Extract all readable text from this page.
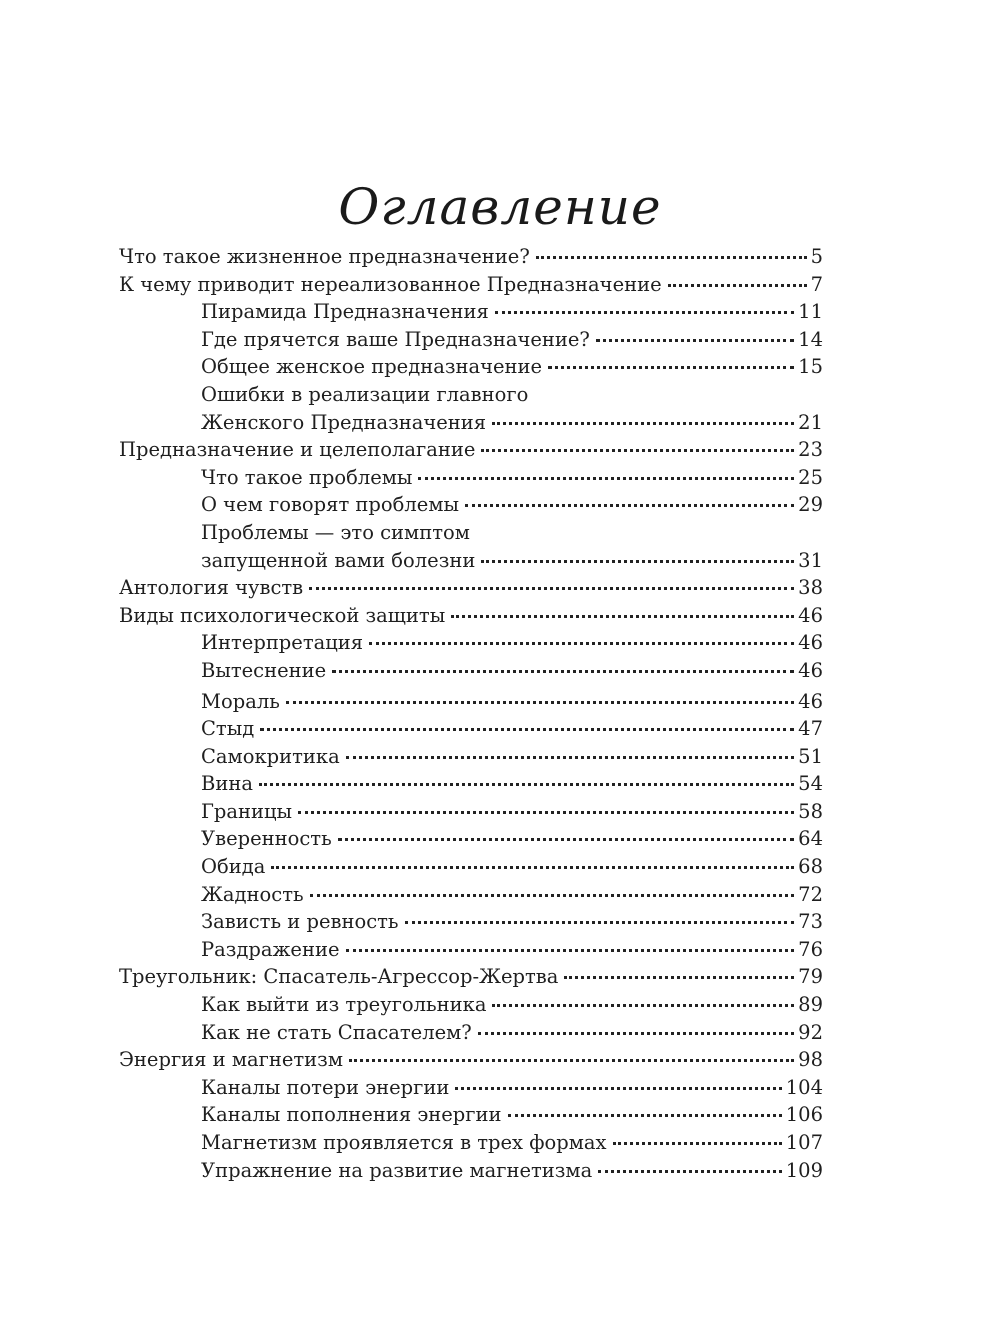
Оглавление
Что такое жизненное предназначение?	5
К чему приводит нереализованное Предназначение	7
Пирамида Предназначения	11
Где прячется ваше Предназначение?	14
Общее женское предназначение	15
Ошибки в реализации главного
Женского Предназначения	21
Предназначение и целеполагание	23
Что такое проблемы	25
О чем говорят проблемы	29
Проблемы — это симптом
запущенной вами болезни	31
Антология чувств	38
Виды психологической защиты	46
Интерпретация	46
Вытеснение	46
Мораль	46
Стыд	47
Самокритика	51
Вина	54
Границы	58
Уверенность	64
Обида	68
Жадность	72
Зависть и ревность	73
Раздражение	76
Треугольник: Спасатель-Агрессор-Жертва	79
Как выйти из треугольника	89
Как не стать Спасателем?	92
Энергия и магнетизм	98
Каналы потери энергии	104
Каналы пополнения энергии	106
Магнетизм проявляется в трех формах	107
Упражнение на развитие магнетизма	109
